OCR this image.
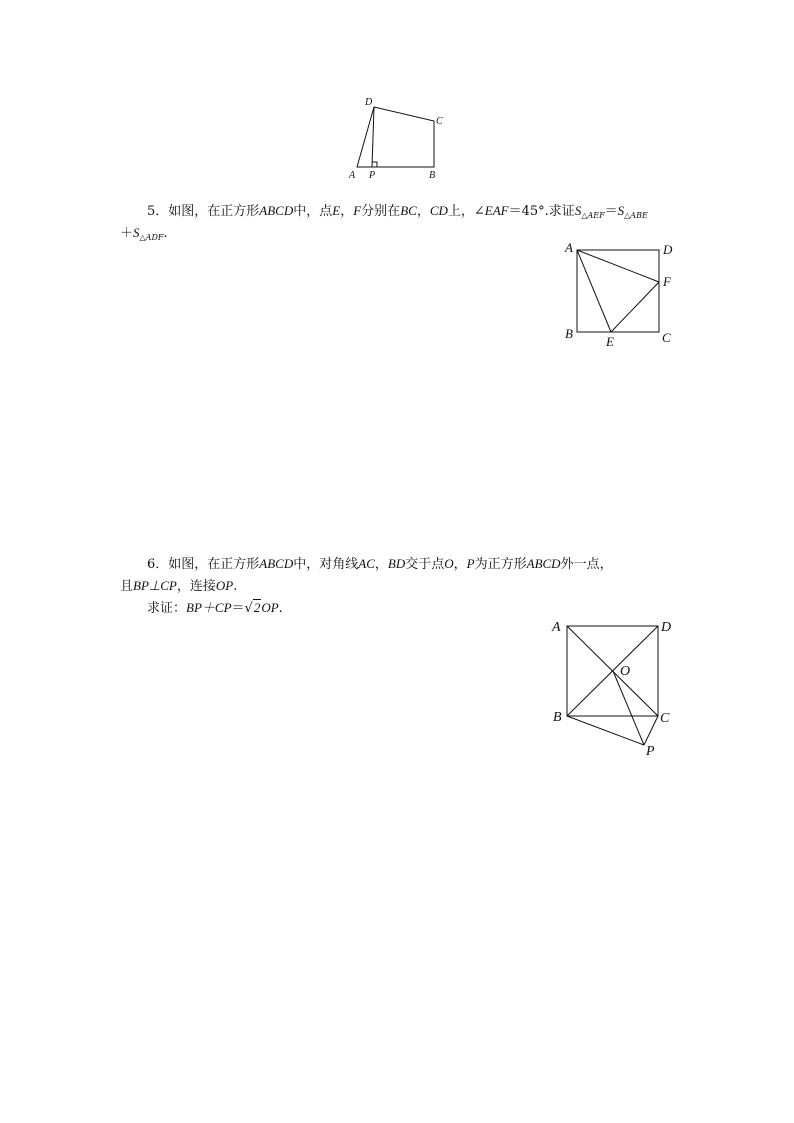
D
C
A P	B
5．如图，在正方形ABCD中，点E，F分别在BC，CD上，∠EAF＝45°.求证$S_{\triangle AEF}=S_{\triangle ABE}$
$+S_{\triangle ADF}$.
A	D
F
B
E	C
6．如图，在正方形ABCD中，对角线AC，BD交于点O，P为正方形ABCD外一点，
且BP⊥CP，连接OP.
求证：BP＋CP＝√2OP.
A	D
O
B	C
P
